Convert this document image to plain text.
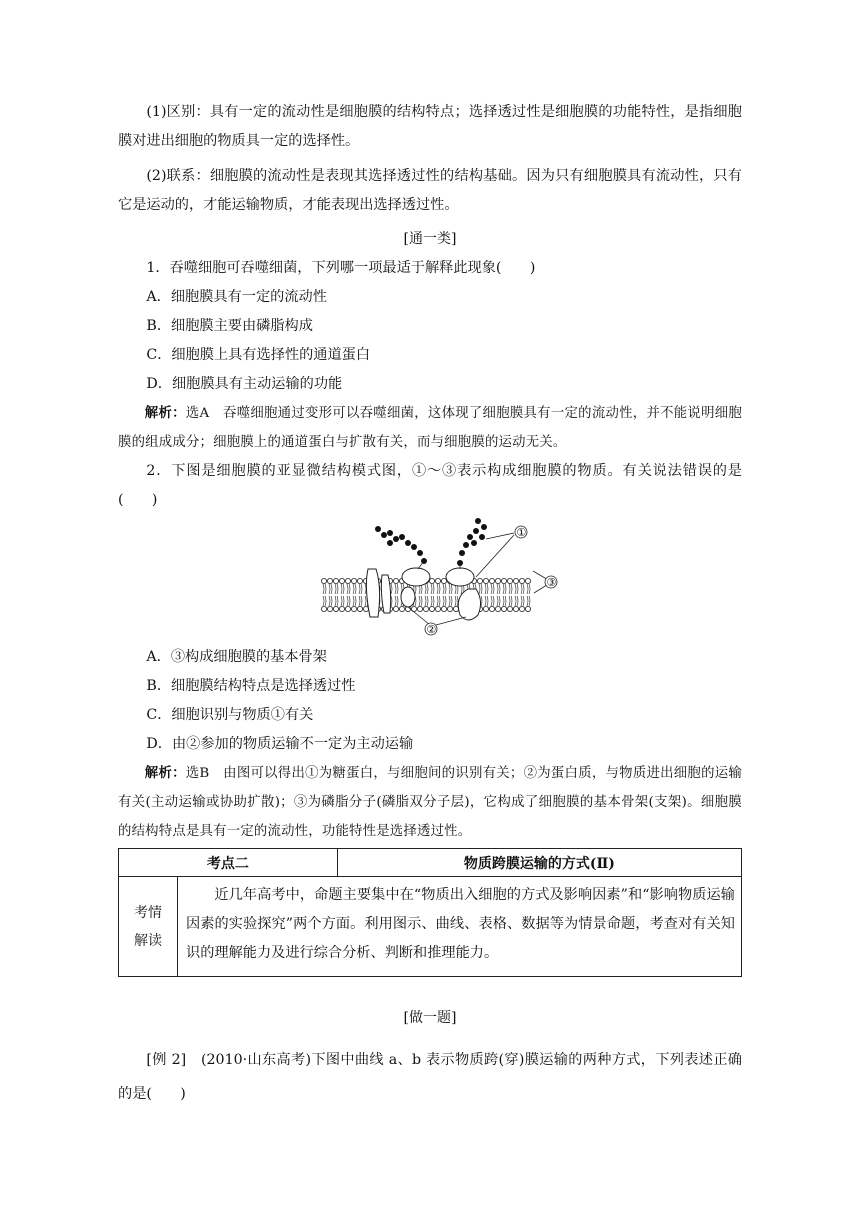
(1)区别：具有一定的流动性是细胞膜的结构特点；选择透过性是细胞膜的功能特性，是指细胞膜对进出细胞的物质具一定的选择性。

(2)联系：细胞膜的流动性是表现其选择透过性的结构基础。因为只有细胞膜具有流动性，只有它是运动的，才能运输物质，才能表现出选择透过性。

[通一类]

1．吞噬细胞可吞噬细菌，下列哪一项最适于解释此现象(　　)

A．细胞膜具有一定的流动性

B．细胞膜主要由磷脂构成

C．细胞膜上具有选择性的通道蛋白

D．细胞膜具有主动运输的功能

解析：选A　吞噬细胞通过变形可以吞噬细菌，这体现了细胞膜具有一定的流动性，并不能说明细胞膜的组成成分；细胞膜上的通道蛋白与扩散有关，而与细胞膜的运动无关。

2．下图是细胞膜的亚显微结构模式图，①～③表示构成细胞膜的物质。有关说法错误的是(　　)

①
②
③

A．③构成细胞膜的基本骨架

B．细胞膜结构特点是选择透过性

C．细胞识别与物质①有关

D．由②参加的物质运输不一定为主动运输

解析：选B　由图可以得出①为糖蛋白，与细胞间的识别有关；②为蛋白质，与物质进出细胞的运输有关(主动运输或协助扩散)；③为磷脂分子(磷脂双分子层)，它构成了细胞膜的基本骨架(支架)。细胞膜的结构特点是具有一定的流动性，功能特性是选择透过性。

考点二		物质跨膜运输的方式(Ⅱ)

考情
解读	近几年高考中，命题主要集中在“物质出入细胞的方式及影响因素”和“影响物质运输因素的实验探究”两个方面。利用图示、曲线、表格、数据等为情景命题，考查对有关知识的理解能力及进行综合分析、判断和推理能力。	

[做一题]

[例 2]　(2010·山东高考)下图中曲线 a、b 表示物质跨(穿)膜运输的两种方式，下列表述正确的是(　　)
